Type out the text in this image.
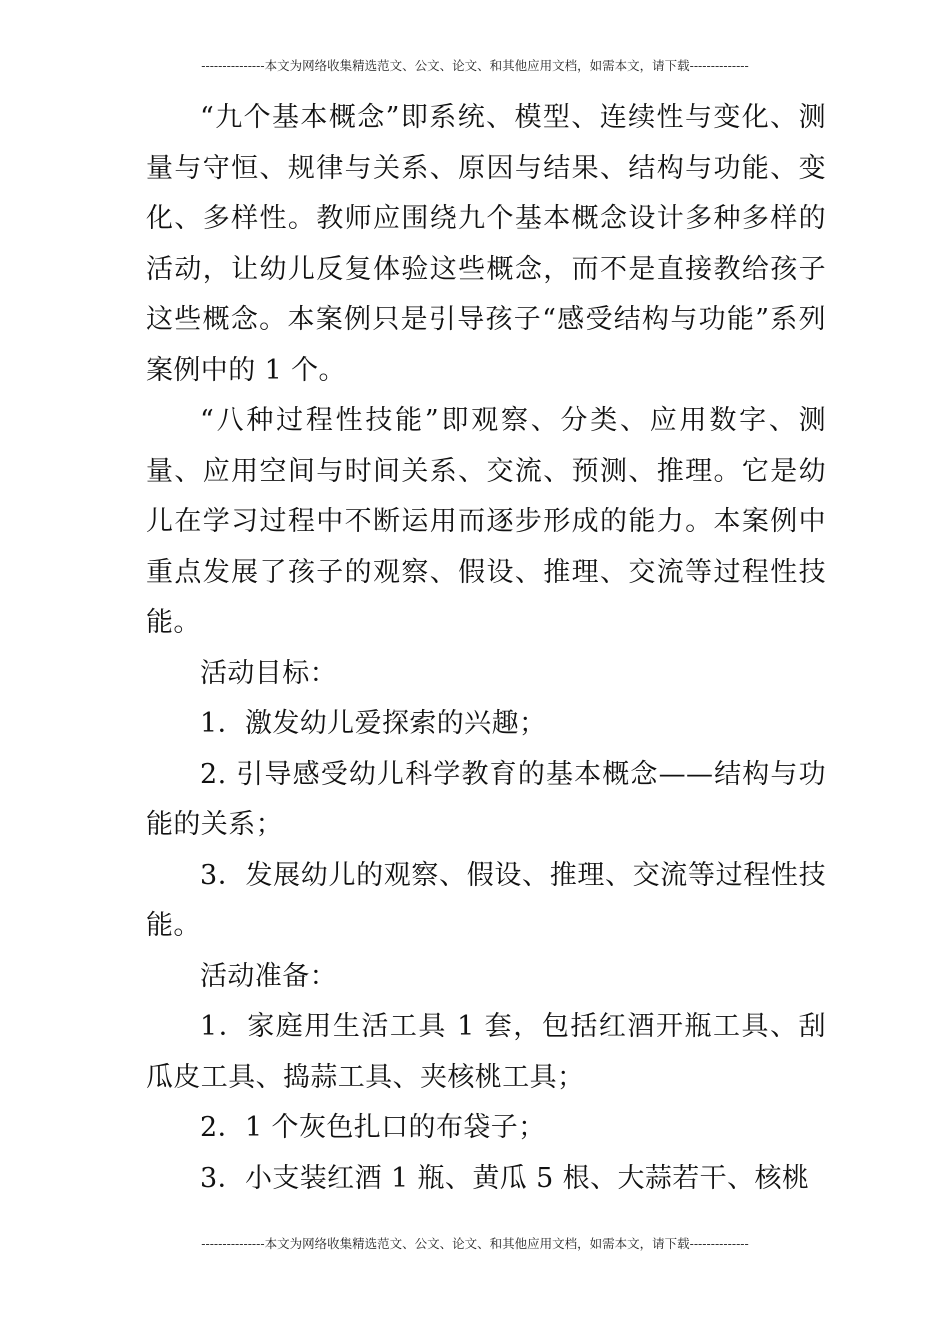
---------------本文为网络收集精选范文、公文、论文、和其他应用文档，如需本文，请下载--------------

“九个基本概念”即系统、模型、连续性与变化、测量与守恒、规律与关系、原因与结果、结构与功能、变化、多样性。教师应围绕九个基本概念设计多种多样的活动，让幼儿反复体验这些概念，而不是直接教给孩子这些概念。本案例只是引导孩子“感受结构与功能”系列案例中的 1 个。

“八种过程性技能”即观察、分类、应用数字、测量、应用空间与时间关系、交流、预测、推理。它是幼儿在学习过程中不断运用而逐步形成的能力。本案例中重点发展了孩子的观察、假设、推理、交流等过程性技能。

活动目标：

1．激发幼儿爱探索的兴趣；

2. 引导感受幼儿科学教育的基本概念——结构与功能的关系；

3．发展幼儿的观察、假设、推理、交流等过程性技能。

活动准备：

1．家庭用生活工具 1 套，包括红酒开瓶工具、刮瓜皮工具、捣蒜工具、夹核桃工具；

2．1 个灰色扎口的布袋子；

3．小支装红酒 1 瓶、黄瓜 5 根、大蒜若干、核桃

---------------本文为网络收集精选范文、公文、论文、和其他应用文档，如需本文，请下载--------------
